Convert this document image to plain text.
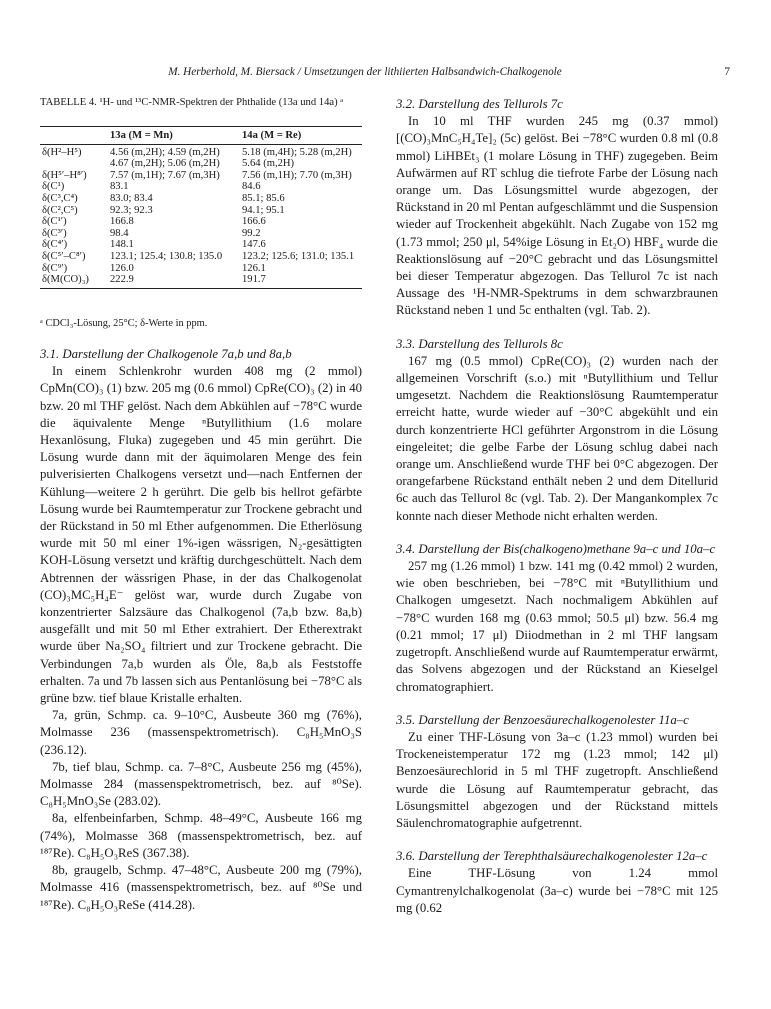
M. Herberhold, M. Biersack / Umsetzungen der lithiierten Halbsandwich-Chalkogenole	7
TABELLE 4. ¹H- und ¹³C-NMR-Spektren der Phthalide (13a und 14a) ᵃ
	13a (M = Mn)	14a (M = Re)
δ(H²–H⁵)	4.56 (m,2H); 4.59 (m,2H)	5.18 (m,4H); 5.28 (m,2H)
	4.67 (m,2H); 5.06 (m,2H)	5.64 (m,2H)
δ(H⁵′–H⁸′)	7.57 (m,1H); 7.67 (m,3H)	7.56 (m,1H); 7.70 (m,3H)
δ(C¹)	83.1	84.6
δ(C³,C⁴)	83.0; 83.4	85.1; 85.6
δ(C²,C⁵)	92.3; 92.3	94.1; 95.1
δ(C¹′)	166.8	166.6
δ(C³′)	98.4	99.2
δ(C⁴′)	148.1	147.6
δ(C⁵′–C⁸′)	123.1; 125.4; 130.8; 135.0	123.2; 125.6; 131.0; 135.1
δ(C⁹′)	126.0	126.1
δ(M(CO)₃)	222.9	191.7
ᵃ CDCl₃-Lösung, 25°C; δ-Werte in ppm.

3.1. Darstellung der Chalkogenole 7a,b und 8a,b

In einem Schlenkrohr wurden 408 mg (2 mmol) CpMn(CO)₃ (1) bzw. 205 mg (0.6 mmol) CpRe(CO)₃ (2) in 40 bzw. 20 ml THF gelöst. Nach dem Abkühlen auf −78°C wurde die äquivalente Menge ⁿButyllithium (1.6 molare Hexanlösung, Fluka) zugegeben und 45 min gerührt. Die Lösung wurde dann mit der äquimolaren Menge des fein pulverisierten Chalkogens versetzt und—nach Entfernen der Kühlung—weitere 2 h gerührt. Die gelb bis hellrot gefärbte Lösung wurde bei Raumtemperatur zur Trockene gebracht und der Rückstand in 50 ml Ether aufgenommen. Die Etherlösung wurde mit 50 ml einer 1%-igen wässrigen, N₂-gesättigten KOH-Lösung versetzt und kräftig durchgeschüttelt. Nach dem Abtrennen der wässrigen Phase, in der das Chalkogenolat (CO)₃MC₅H₄E⁻ gelöst war, wurde durch Zugabe von konzentrierter Salzsäure das Chalkogenol (7a,b bzw. 8a,b) ausgefällt und mit 50 ml Ether extrahiert. Der Etherextrakt wurde über Na₂SO₄ filtriert und zur Trockene gebracht. Die Verbindungen 7a,b wurden als Öle, 8a,b als Feststoffe erhalten. 7a und 7b lassen sich aus Pentanlösung bei −78°C als grüne bzw. tief blaue Kristalle erhalten.

7a, grün, Schmp. ca. 9–10°C, Ausbeute 360 mg (76%), Molmasse 236 (massenspektrometrisch). C₈H₅MnO₃S (236.12).

7b, tief blau, Schmp. ca. 7–8°C, Ausbeute 256 mg (45%), Molmasse 284 (massenspektrometrisch, bez. auf ⁸⁰Se). C₈H₅MnO₃Se (283.02).

8a, elfenbeinfarben, Schmp. 48–49°C, Ausbeute 166 mg (74%), Molmasse 368 (massenspektrometrisch, bez. auf ¹⁸⁷Re). C₈H₅O₃ReS (367.38).

8b, graugelb, Schmp. 47–48°C, Ausbeute 200 mg (79%), Molmasse 416 (massenspektrometrisch, bez. auf ⁸⁰Se und ¹⁸⁷Re). C₈H₅O₃ReSe (414.28).

3.2. Darstellung des Tellurols 7c

In 10 ml THF wurden 245 mg (0.37 mmol) [(CO)₃MnC₅H₄Te]₂ (5c) gelöst. Bei −78°C wurden 0.8 ml (0.8 mmol) LiHBEt₃ (1 molare Lösung in THF) zugegeben. Beim Aufwärmen auf RT schlug die tiefrote Farbe der Lösung nach orange um. Das Lösungsmittel wurde abgezogen, der Rückstand in 20 ml Pentan aufgeschlämmt und die Suspension wieder auf Trockenheit abgekühlt. Nach Zugabe von 152 mg (1.73 mmol; 250 μl, 54%ige Lösung in Et₂O) HBF₄ wurde die Reaktionslösung auf −20°C gebracht und das Lösungsmittel bei dieser Temperatur abgezogen. Das Tellurol 7c ist nach Aussage des ¹H-NMR-Spektrums in dem schwarzbraunen Rückstand neben 1 und 5c enthalten (vgl. Tab. 2).

3.3. Darstellung des Tellurols 8c

167 mg (0.5 mmol) CpRe(CO)₃ (2) wurden nach der allgemeinen Vorschrift (s.o.) mit ⁿButyllithium und Tellur umgesetzt. Nachdem die Reaktionslösung Raumtemperatur erreicht hatte, wurde wieder auf −30°C abgekühlt und ein durch konzentrierte HCl geführter Argonstrom in die Lösung eingeleitet; die gelbe Farbe der Lösung schlug dabei nach orange um. Anschließend wurde THF bei 0°C abgezogen. Der orangefarbene Rückstand enthält neben 2 und dem Ditellurid 6c auch das Tellurol 8c (vgl. Tab. 2). Der Mangankomplex 7c konnte nach dieser Methode nicht erhalten werden.

3.4. Darstellung der Bis(chalkogeno)methane 9a–c und 10a–c

257 mg (1.26 mmol) 1 bzw. 141 mg (0.42 mmol) 2 wurden, wie oben beschrieben, bei −78°C mit ⁿButyllithium und Chalkogen umgesetzt. Nach nochmaligem Abkühlen auf −78°C wurden 168 mg (0.63 mmol; 50.5 μl) bzw. 56.4 mg (0.21 mmol; 17 μl) Diiodmethan in 2 ml THF langsam zugetropft. Anschließend wurde auf Raumtemperatur erwärmt, das Solvens abgezogen und der Rückstand an Kieselgel chromatographiert.

3.5. Darstellung der Benzoesäurechalkogenolester 11a–c

Zu einer THF-Lösung von 3a–c (1.23 mmol) wurden bei Trockeneistemperatur 172 mg (1.23 mmol; 142 μl) Benzoesäurechlorid in 5 ml THF zugetropft. Anschließend wurde die Lösung auf Raumtemperatur gebracht, das Lösungsmittel abgezogen und der Rückstand mittels Säulenchromatographie aufgetrennt.

3.6. Darstellung der Terephthalsäurechalkogenolester 12a–c

Eine THF-Lösung von 1.24 mmol Cymantrenylchalkogenolat (3a–c) wurde bei −78°C mit 125 mg (0.62
